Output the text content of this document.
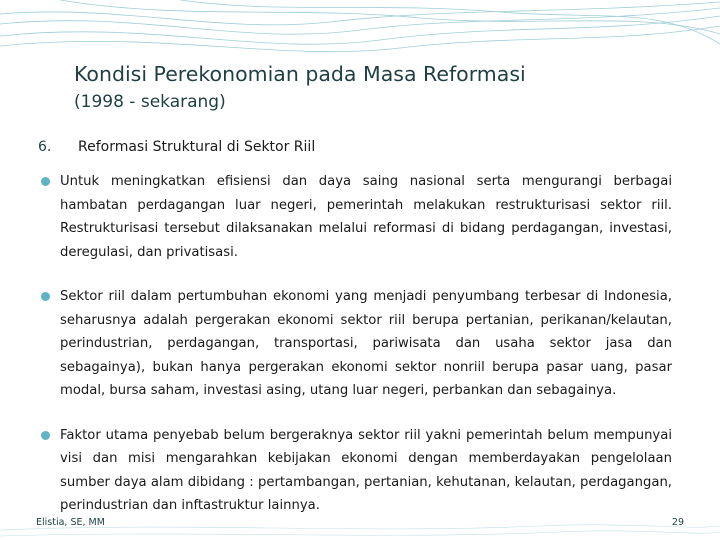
Kondisi Perekonomian pada Masa Reformasi
(1998 - sekarang)
6. Reformasi Struktural di Sektor Riil
Untuk meningkatkan efisiensi dan daya saing nasional serta mengurangi berbagai hambatan perdagangan luar negeri, pemerintah melakukan restrukturisasi sektor riil. Restrukturisasi tersebut dilaksanakan melalui reformasi di bidang perdagangan, investasi, deregulasi, dan privatisasi.
Sektor riil dalam pertumbuhan ekonomi yang menjadi penyumbang terbesar di Indonesia, seharusnya adalah pergerakan ekonomi sektor riil berupa pertanian, perikanan/kelautan, perindustrian, perdagangan, transportasi, pariwisata dan usaha sektor jasa dan sebagainya), bukan hanya pergerakan ekonomi sektor nonriil berupa pasar uang, pasar modal, bursa saham, investasi asing, utang luar negeri, perbankan dan sebagainya.
Faktor utama penyebab belum bergeraknya sektor riil yakni pemerintah belum mempunyai visi dan misi mengarahkan kebijakan ekonomi dengan memberdayakan pengelolaan sumber daya alam dibidang : pertambangan, pertanian, kehutanan, kelautan, perdagangan, perindustrian dan inftastruktur lainnya.
Elistia, SE, MM	29
